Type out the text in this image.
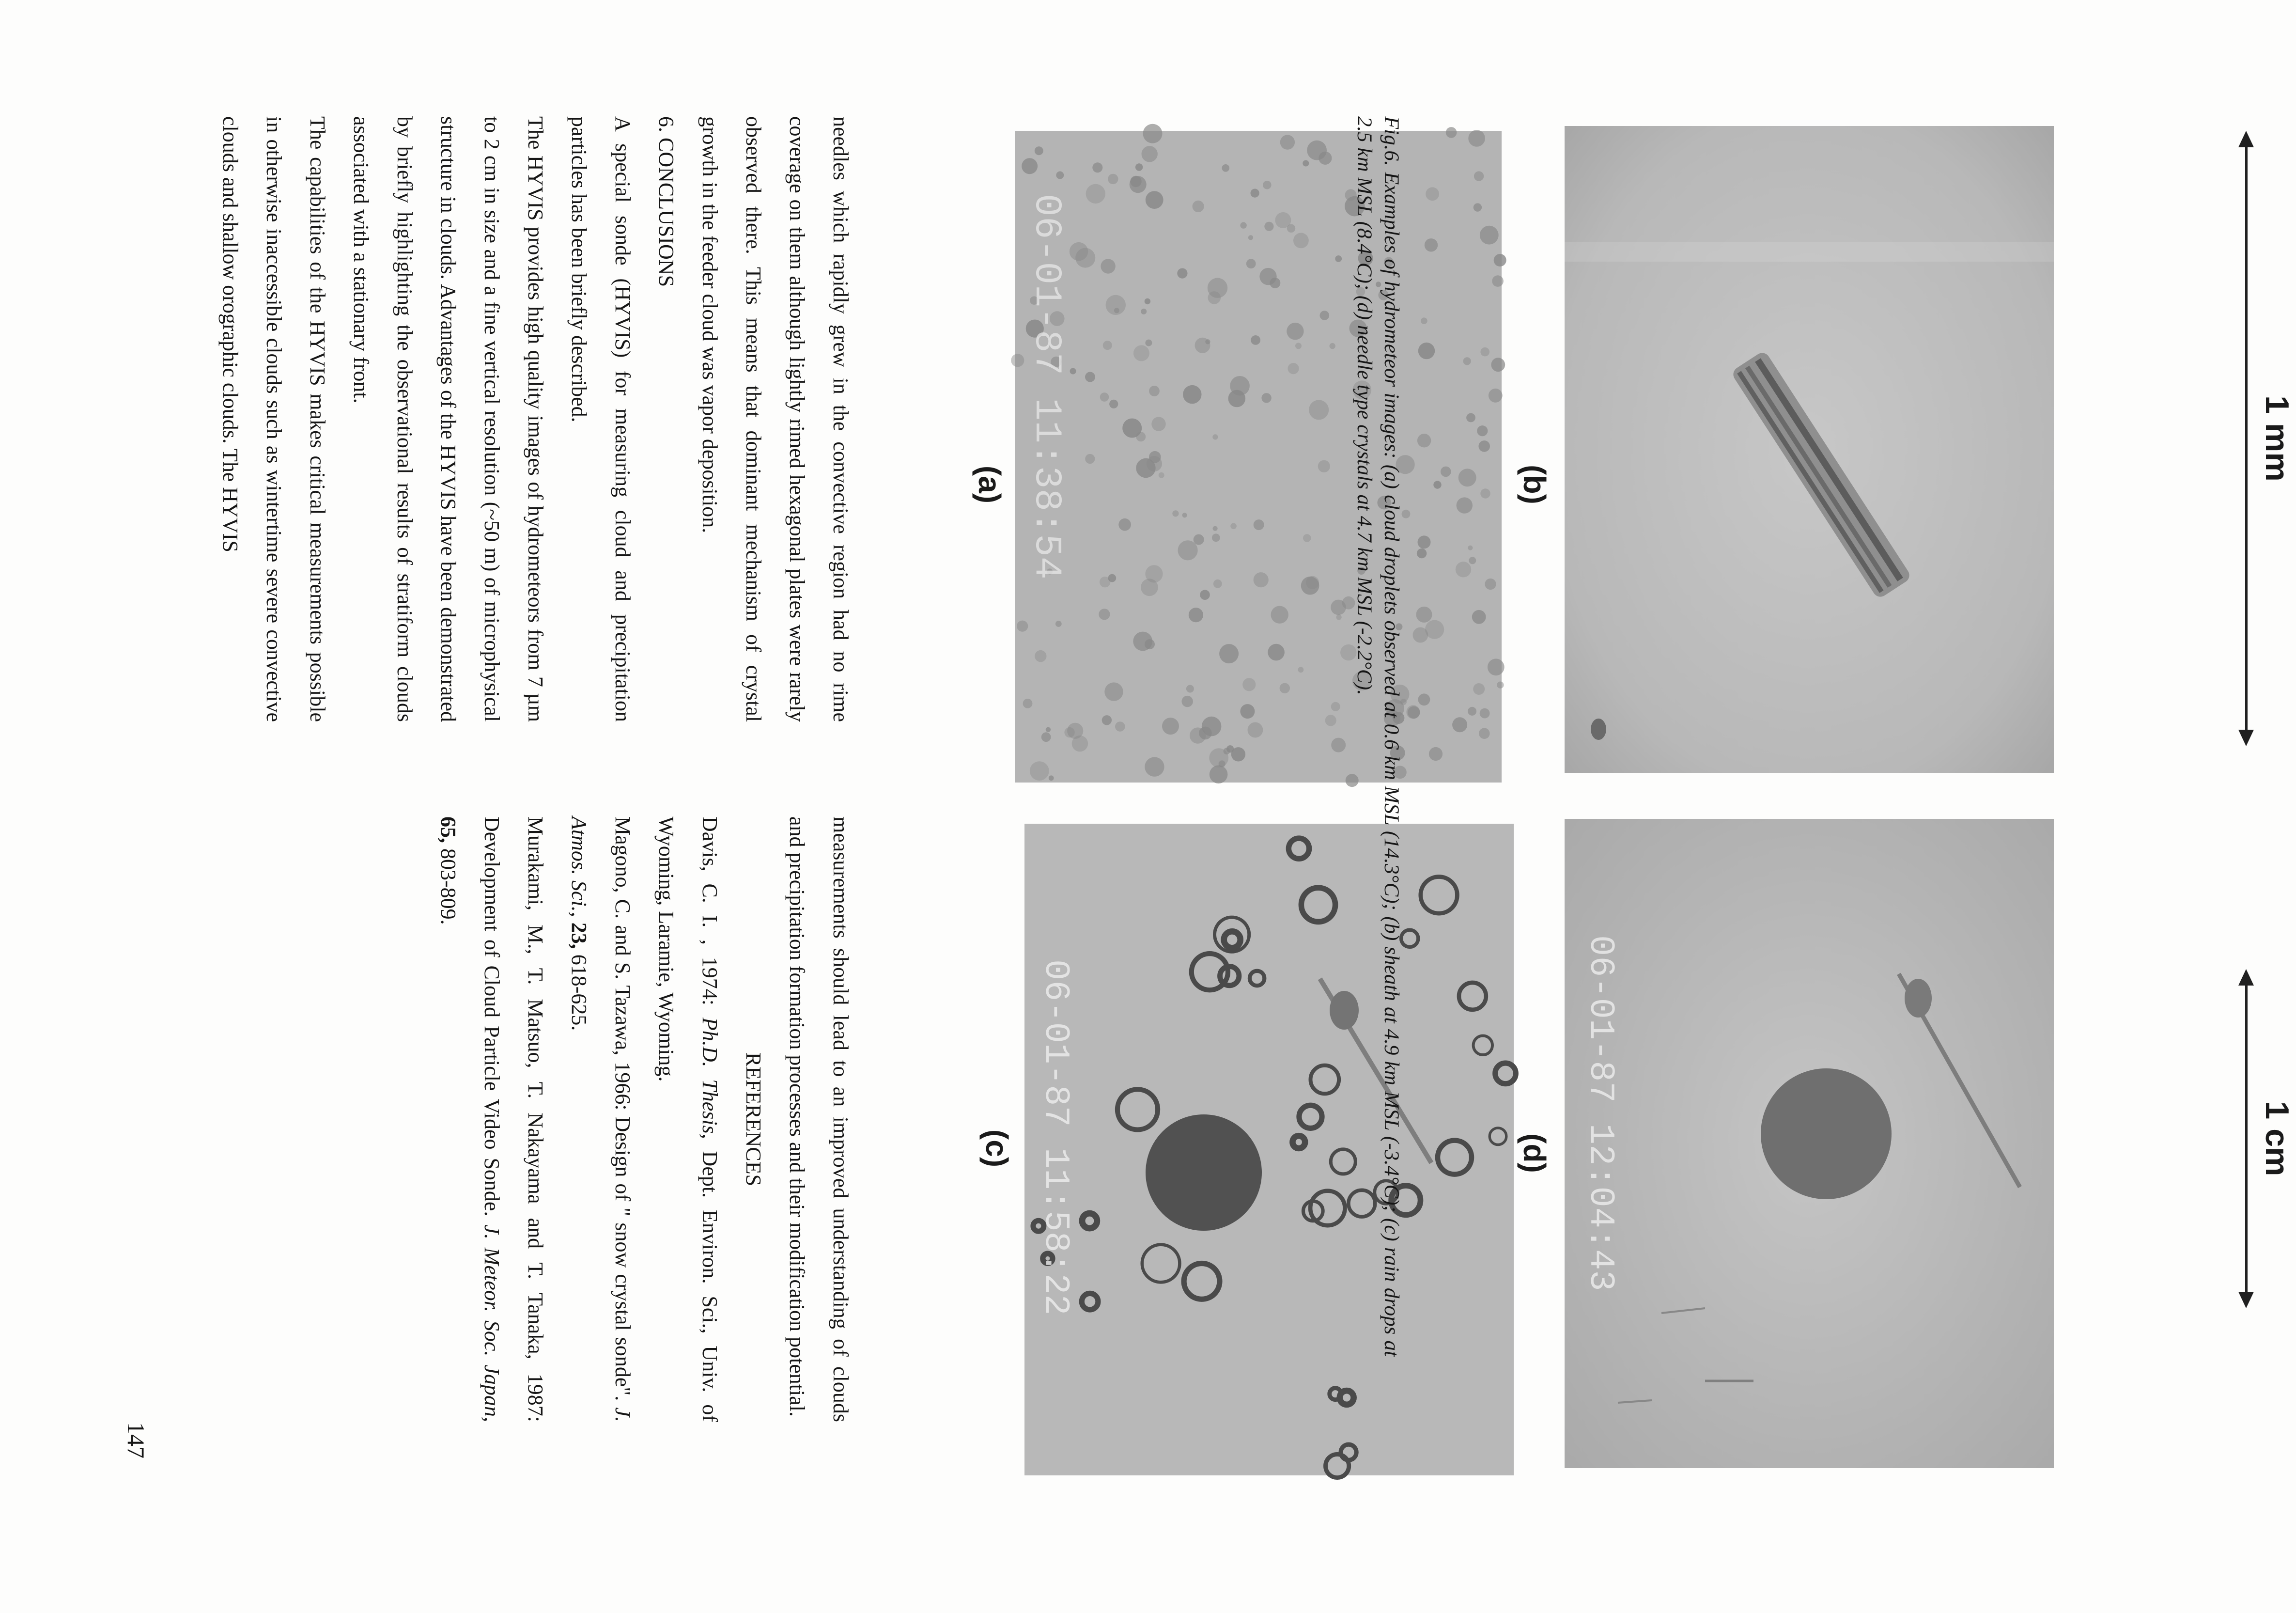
1 mm
1 cm
(b)
06-01-87 11:38:54
(a)
06-01-87 12:04:43
(d)
06-01-87 11:58:22
(c)	Fig.6. Examples of hydrometeor images: (a) cloud droplets observed at 0.6 km MSL (14.3°C); (b) sheath at 4.9 km MSL (-3.4°C); (c) rain drops at 2.5 km MSL (8.4°C); (d) needle type crystals at 4.7 km MSL (-2.2°C).

needles which rapidly grew in the convective region had no rime coverage on them although lightly rimed hexagonal plates were rarely observed there. This means that dominant mechanism of crystal growth in the feeder cloud was vapor deposition.

6. CONCLUSIONS

A special sonde (HYVIS) for measuring cloud and precipitation particles has been briefly described.

The HYVIS provides high quality images of hydrometeors from 7 µm to 2 cm in size and a fine vertical resolution (~50 m) of microphysical structure in clouds. Advantages of the HYVIS have been demonstrated by briefly highlighting the observational results of stratiform clouds associated with a stationary front.

The capabilities of the HYVIS makes critical measurements possible in otherwise inaccessible clouds such as wintertime severe convective clouds and shallow orographic clouds. The HYVIS

measurements should lead to an improved understanding of clouds and precipitation formation processes and their modification potential.

REFERENCES

Davis, C. I. , 1974: Ph.D. Thesis, Dept. Environ. Sci., Univ. of Wyoming, Laramie, Wyoming.

Magono, C. and S. Tazawa, 1966: Design of " snow crystal sonde". J. Atmos. Sci., 23, 618-625.

Murakami, M., T. Matsuo, T. Nakayama and T. Tanaka, 1987: Development of Cloud Particle Video Sonde. J. Meteor. Soc. Japan, 65, 803-809.

147
